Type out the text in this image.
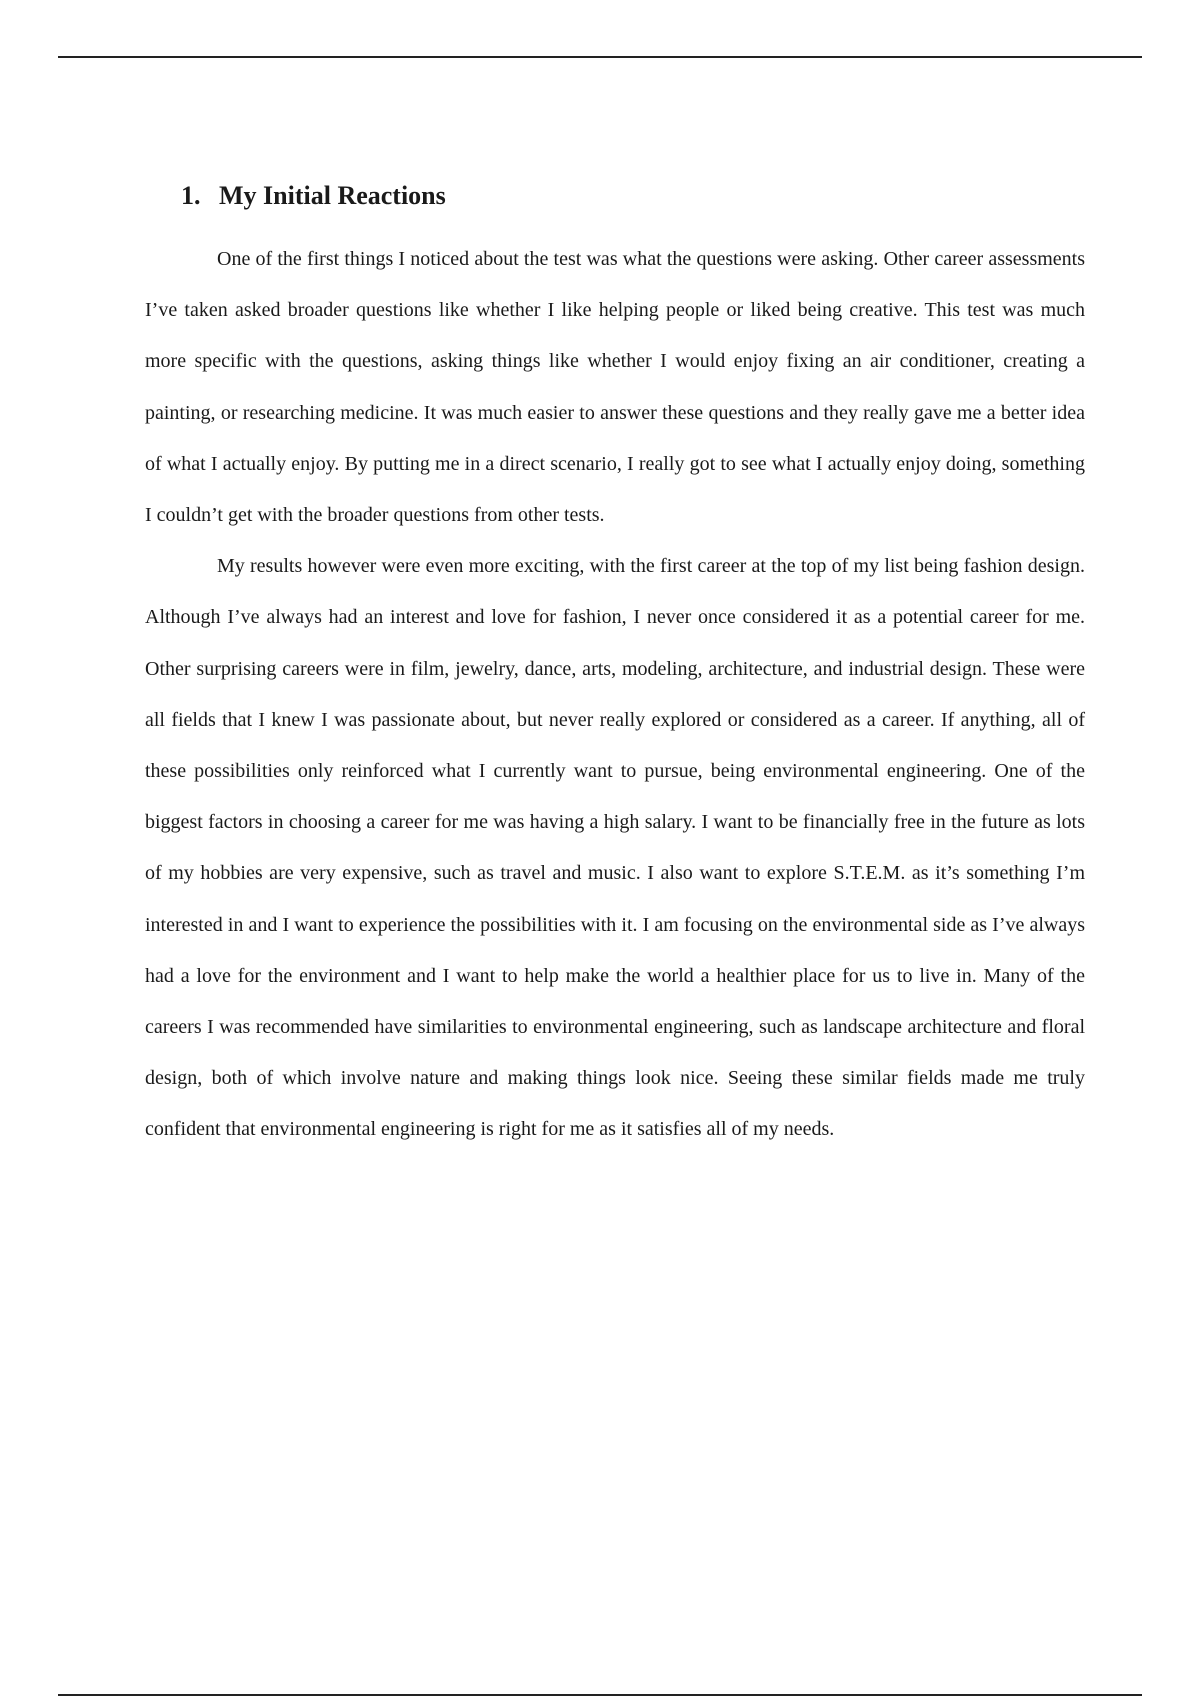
1. My Initial Reactions

One of the first things I noticed about the test was what the questions were asking. Other career assessments I’ve taken asked broader questions like whether I like helping people or liked being creative. This test was much more specific with the questions, asking things like whether I would enjoy fixing an air conditioner, creating a painting, or researching medicine. It was much easier to answer these questions and they really gave me a better idea of what I actually enjoy. By putting me in a direct scenario, I really got to see what I actually enjoy doing, something I couldn’t get with the broader questions from other tests.

My results however were even more exciting, with the first career at the top of my list being fashion design. Although I’ve always had an interest and love for fashion, I never once considered it as a potential career for me. Other surprising careers were in film, jewelry, dance, arts, modeling, architecture, and industrial design. These were all fields that I knew I was passionate about, but never really explored or considered as a career. If anything, all of these possibilities only reinforced what I currently want to pursue, being environmental engineering. One of the biggest factors in choosing a career for me was having a high salary. I want to be financially free in the future as lots of my hobbies are very expensive, such as travel and music. I also want to explore S.T.E.M. as it’s something I’m interested in and I want to experience the possibilities with it. I am focusing on the environmental side as I’ve always had a love for the environment and I want to help make the world a healthier place for us to live in. Many of the careers I was recommended have similarities to environmental engineering, such as landscape architecture and floral design, both of which involve nature and making things look nice. Seeing these similar fields made me truly confident that environmental engineering is right for me as it satisfies all of my needs.
